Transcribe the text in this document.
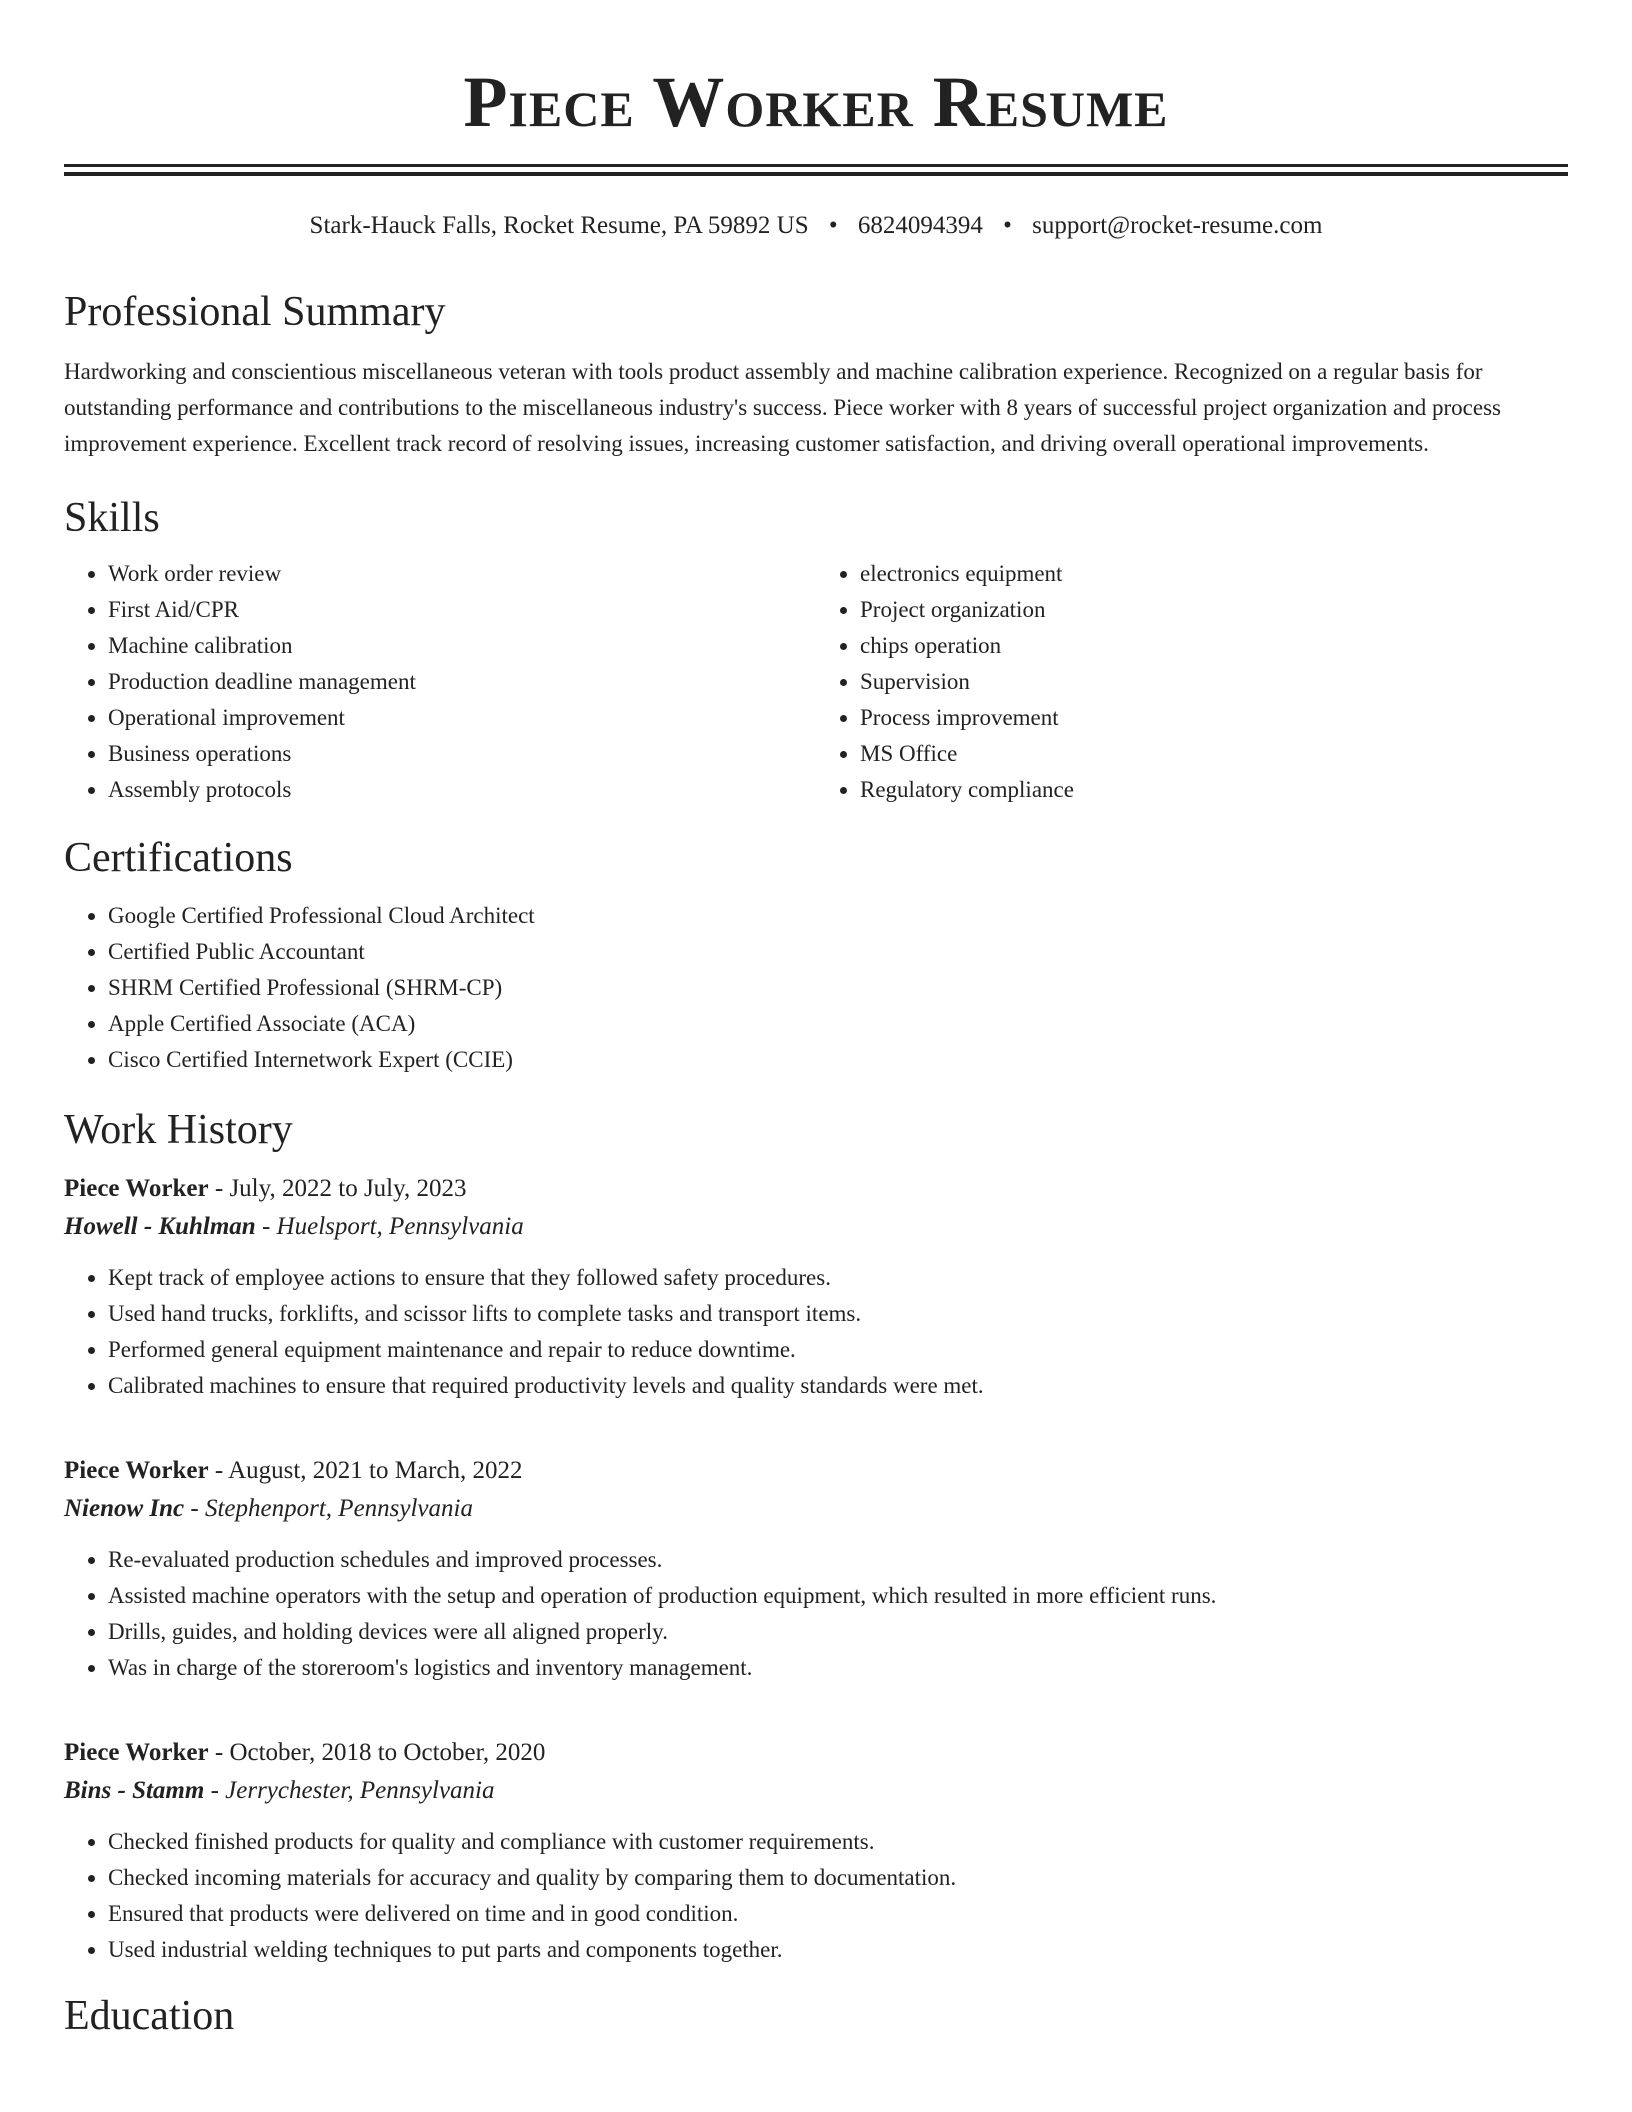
Piece Worker Resume
Stark-Hauck Falls, Rocket Resume, PA 59892 US • 6824094394 • support@rocket-resume.com
Professional Summary

Hardworking and conscientious miscellaneous veteran with tools product assembly and machine calibration experience. Recognized on a regular basis for outstanding performance and contributions to the miscellaneous industry's success. Piece worker with 8 years of successful project organization and process improvement experience. Excellent track record of resolving issues, increasing customer satisfaction, and driving overall operational improvements.

Skills
• Work order review
• First Aid/CPR
• Machine calibration
• Production deadline management
• Operational improvement
• Business operations
• Assembly protocols
• electronics equipment
• Project organization
• chips operation
• Supervision
• Process improvement
• MS Office
• Regulatory compliance
Certifications
• Google Certified Professional Cloud Architect
• Certified Public Accountant
• SHRM Certified Professional (SHRM-CP)
• Apple Certified Associate (ACA)
• Cisco Certified Internetwork Expert (CCIE)
Work History
Piece Worker - July, 2022 to July, 2023
Howell - Kuhlman - Huelsport, Pennsylvania
• Kept track of employee actions to ensure that they followed safety procedures.
• Used hand trucks, forklifts, and scissor lifts to complete tasks and transport items.
• Performed general equipment maintenance and repair to reduce downtime.
• Calibrated machines to ensure that required productivity levels and quality standards were met.
Piece Worker - August, 2021 to March, 2022
Nienow Inc - Stephenport, Pennsylvania
• Re-evaluated production schedules and improved processes.
• Assisted machine operators with the setup and operation of production equipment, which resulted in more efficient runs.
• Drills, guides, and holding devices were all aligned properly.
• Was in charge of the storeroom's logistics and inventory management.
Piece Worker - October, 2018 to October, 2020
Bins - Stamm - Jerrychester, Pennsylvania
• Checked finished products for quality and compliance with customer requirements.
• Checked incoming materials for accuracy and quality by comparing them to documentation.
• Ensured that products were delivered on time and in good condition.
• Used industrial welding techniques to put parts and components together.
Education
